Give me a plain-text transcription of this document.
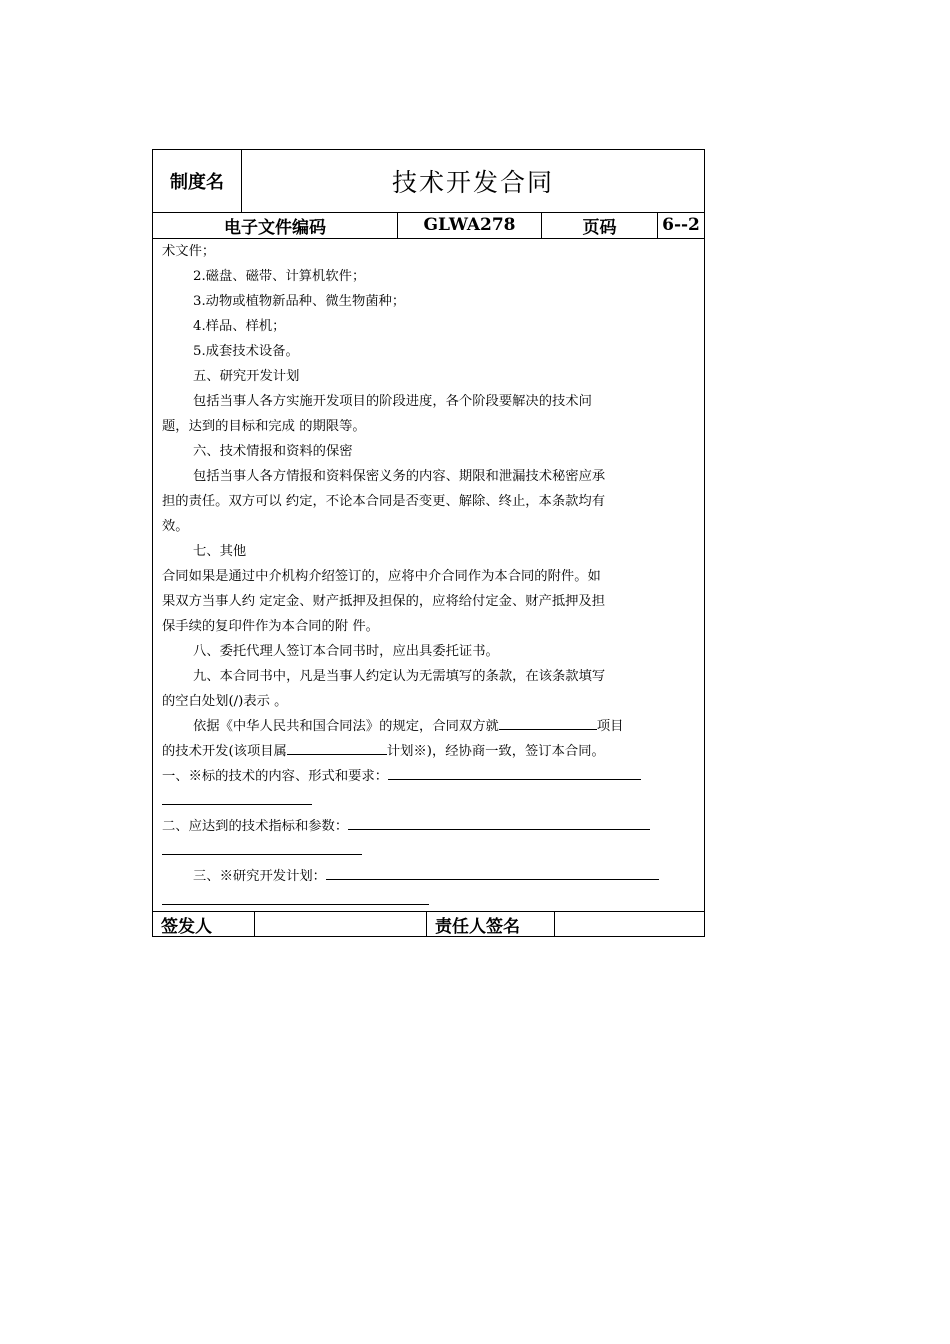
制度名	技术开发合同
电子文件编码	GLWA278	页码	6--2

术文件；

2.磁盘、磁带、计算机软件；

3.动物或植物新品种、微生物菌种；

4.样品、样机；

5.成套技术设备。

五、研究开发计划

包括当事人各方实施开发项目的阶段进度，各个阶段要解决的技术问

题，达到的目标和完成 的期限等。

六、技术情报和资料的保密

包括当事人各方情报和资料保密义务的内容、期限和泄漏技术秘密应承

担的责任。双方可以 约定，不论本合同是否变更、解除、终止，本条款均有

效。

七、其他

合同如果是通过中介机构介绍签订的，应将中介合同作为本合同的附件。如

果双方当事人约 定定金、财产抵押及担保的，应将给付定金、财产抵押及担

保手续的复印件作为本合同的附 件。

八、委托代理人签订本合同书时，应出具委托证书。

九、本合同书中，凡是当事人约定认为无需填写的条款，在该条款填写

的空白处划(/)表示 。

依据《中华人民共和国合同法》的规定，合同双方就	项目

的技术开发(该项目属	计划※)，经协商一致，签订本合同。

一、※标的技术的内容、形式和要求：

二、应达到的技术指标和参数：

三、※研究开发计划：

签发人	责任人签名
